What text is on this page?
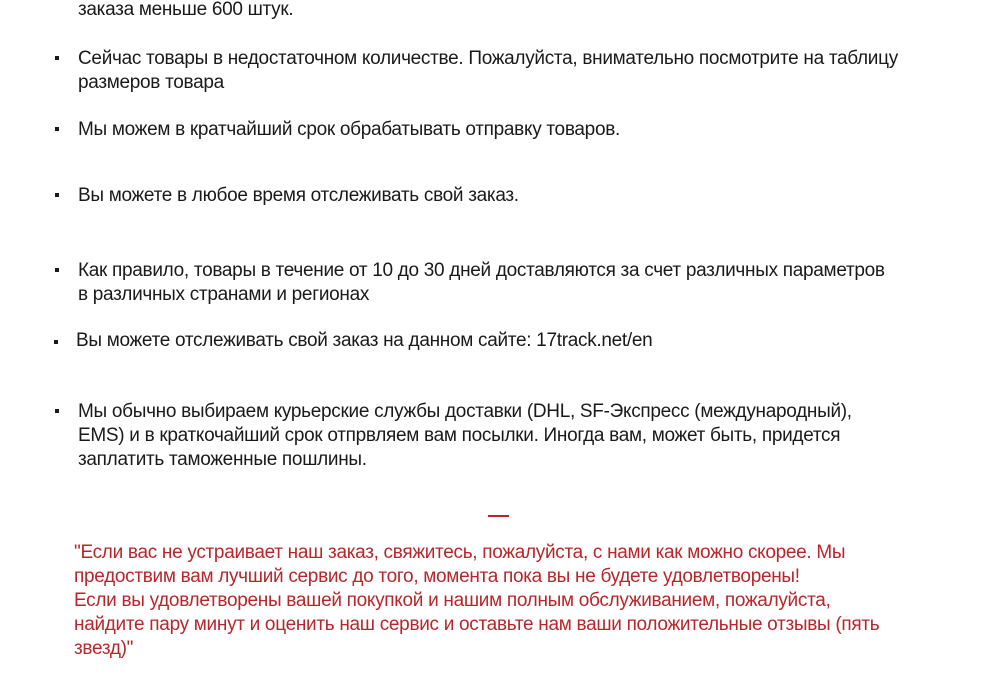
заказа меньше 600 штук.
Сейчас товары в недостаточном количестве. Пожалуйста, внимательно посмотрите на таблицу
размеров товара
Мы можем в кратчайший срок обрабатывать отправку товаров.
Вы можете в любое время отслеживать свой заказ.
Как правило, товары в течение от 10 до 30 дней доставляются за счет различных параметров
в различных странами и регионах
Вы можете отслеживать свой заказ на данном сайте: 17track.net/en
Мы обычно выбираем курьерские службы доставки (DHL, SF-Экспресс (международный),
EMS) и в краткочайший срок отпрвляем вам посылки. Иногда вам, может быть, придется
заплатить таможенные пошлины.
"Если вас не устраивает наш заказ, свяжитесь, пожалуйста, с нами как можно скорее. Мы
предоствим вам лучший сервис до того, момента пока вы не будете удовлетворены!
Если вы удовлетворены вашей покупкой и нашим полным обслуживанием, пожалуйста,
найдите пару минут и оценить наш сервис и оставьте нам ваши положительные отзывы (пять
звезд)"
